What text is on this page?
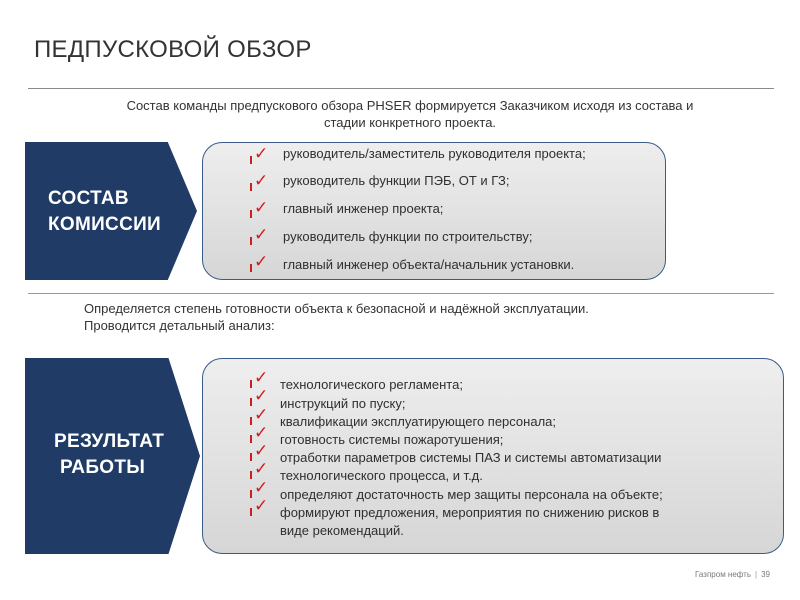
ПЕДПУСКОВОЙ ОБЗОР
Состав команды предпускового обзора PHSER формируется Заказчиком исходя из состава и
стадии конкретного проекта.
СОСТАВ
КОМИССИИ
✓ руководитель/заместитель руководителя проекта;
✓ руководитель функции ПЭБ, ОТ и ГЗ;
✓ главный инженер проекта;
✓ руководитель функции по строительству;
✓ главный инженер объекта/начальник установки.
Определяется степень готовности объекта к безопасной и надёжной эксплуатации.
Проводится детальный анализ:
РЕЗУЛЬТАТ
РАБОТЫ
✓ технологического регламента;
✓ инструкций по пуску;
✓ квалификации эксплуатирующего персонала;
✓ готовность системы пожаротушения;
✓ отработки параметров системы ПАЗ и системы автоматизации
✓ технологического процесса, и т.д.
✓ определяют достаточность мер защиты персонала на объекте;
✓ формируют предложения, мероприятия по снижению рисков в
виде рекомендаций.
Газпром нефть | 39
